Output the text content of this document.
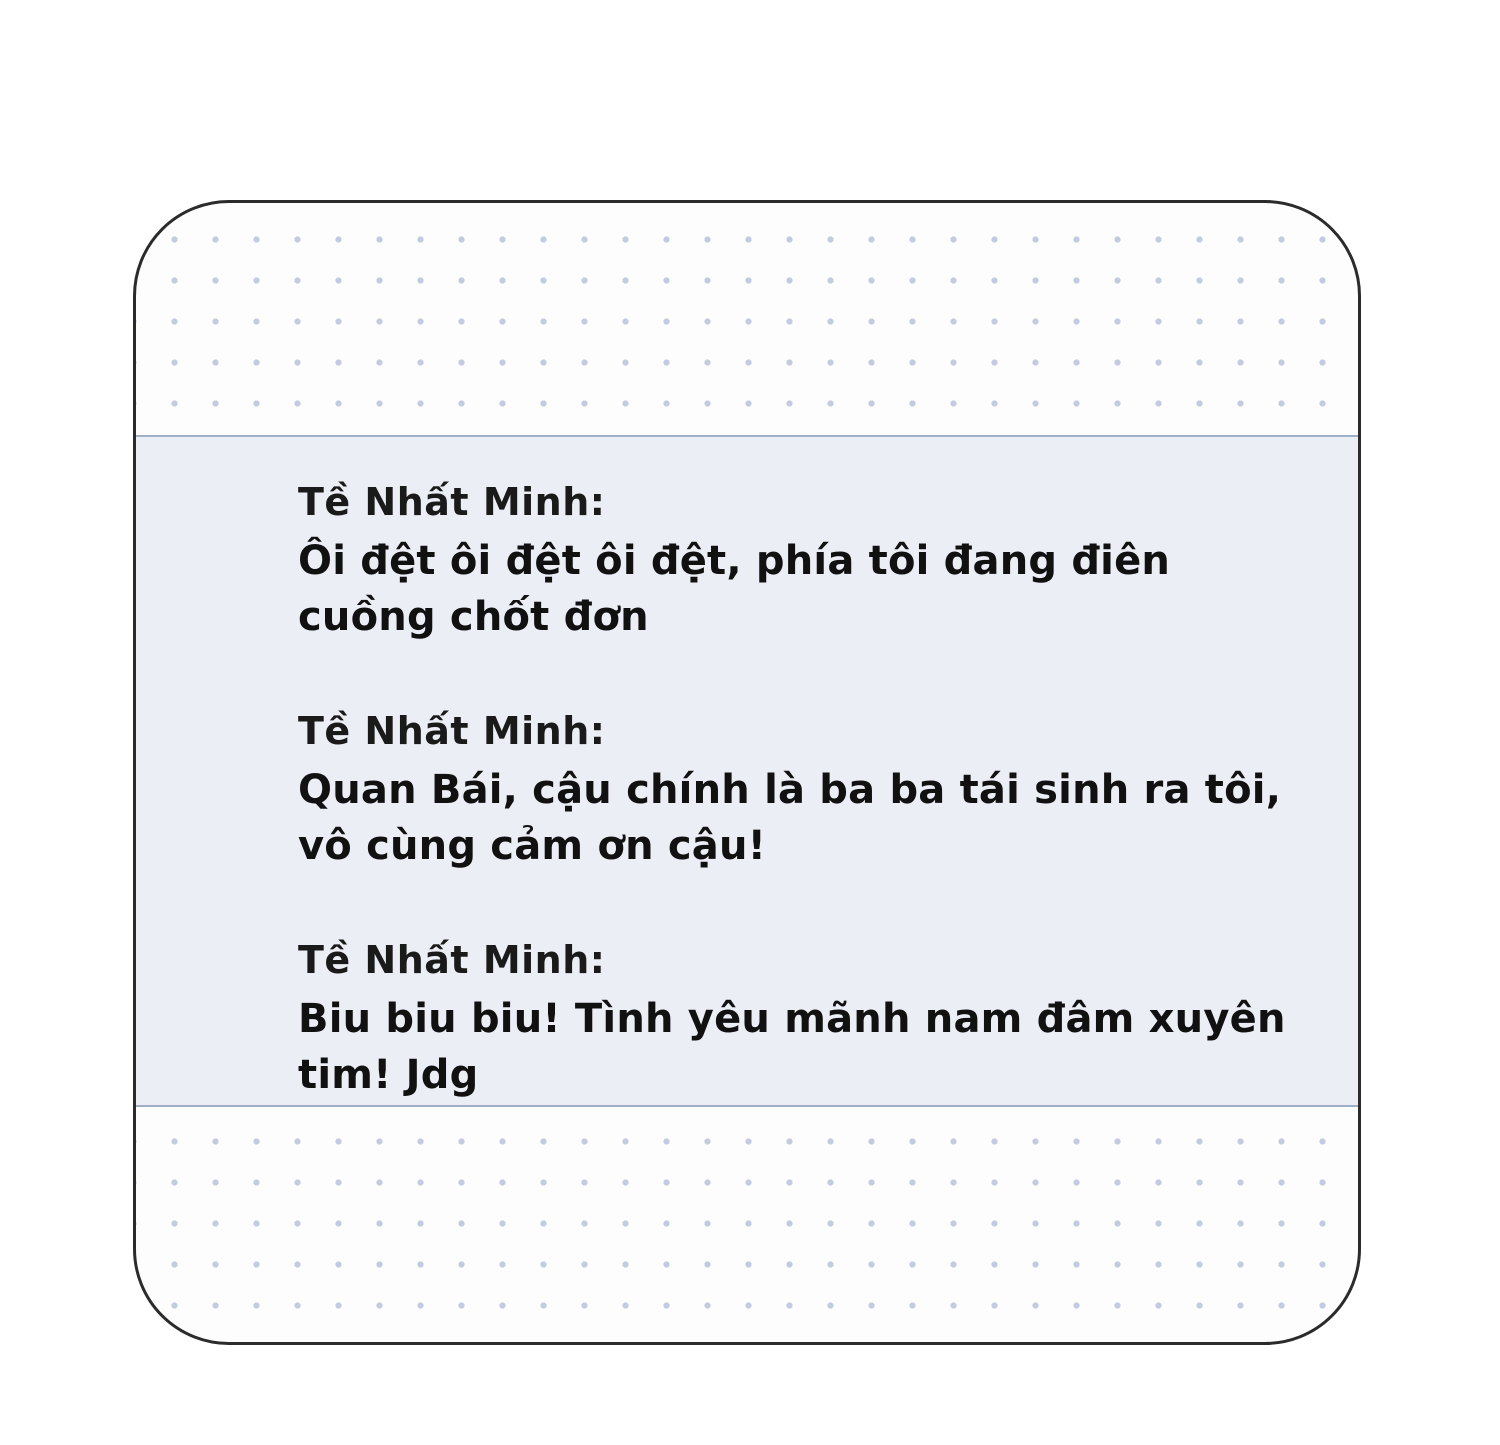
Tề Nhất Minh:
Ôi đệt ôi đệt ôi đệt, phía tôi đang điên cuồng chốt đơn
Tề Nhất Minh:
Quan Bái, cậu chính là ba ba tái sinh ra tôi, vô cùng cảm ơn cậu!
Tề Nhất Minh:
Biu biu biu! Tình yêu mãnh nam đâm xuyên tim! Jdg
